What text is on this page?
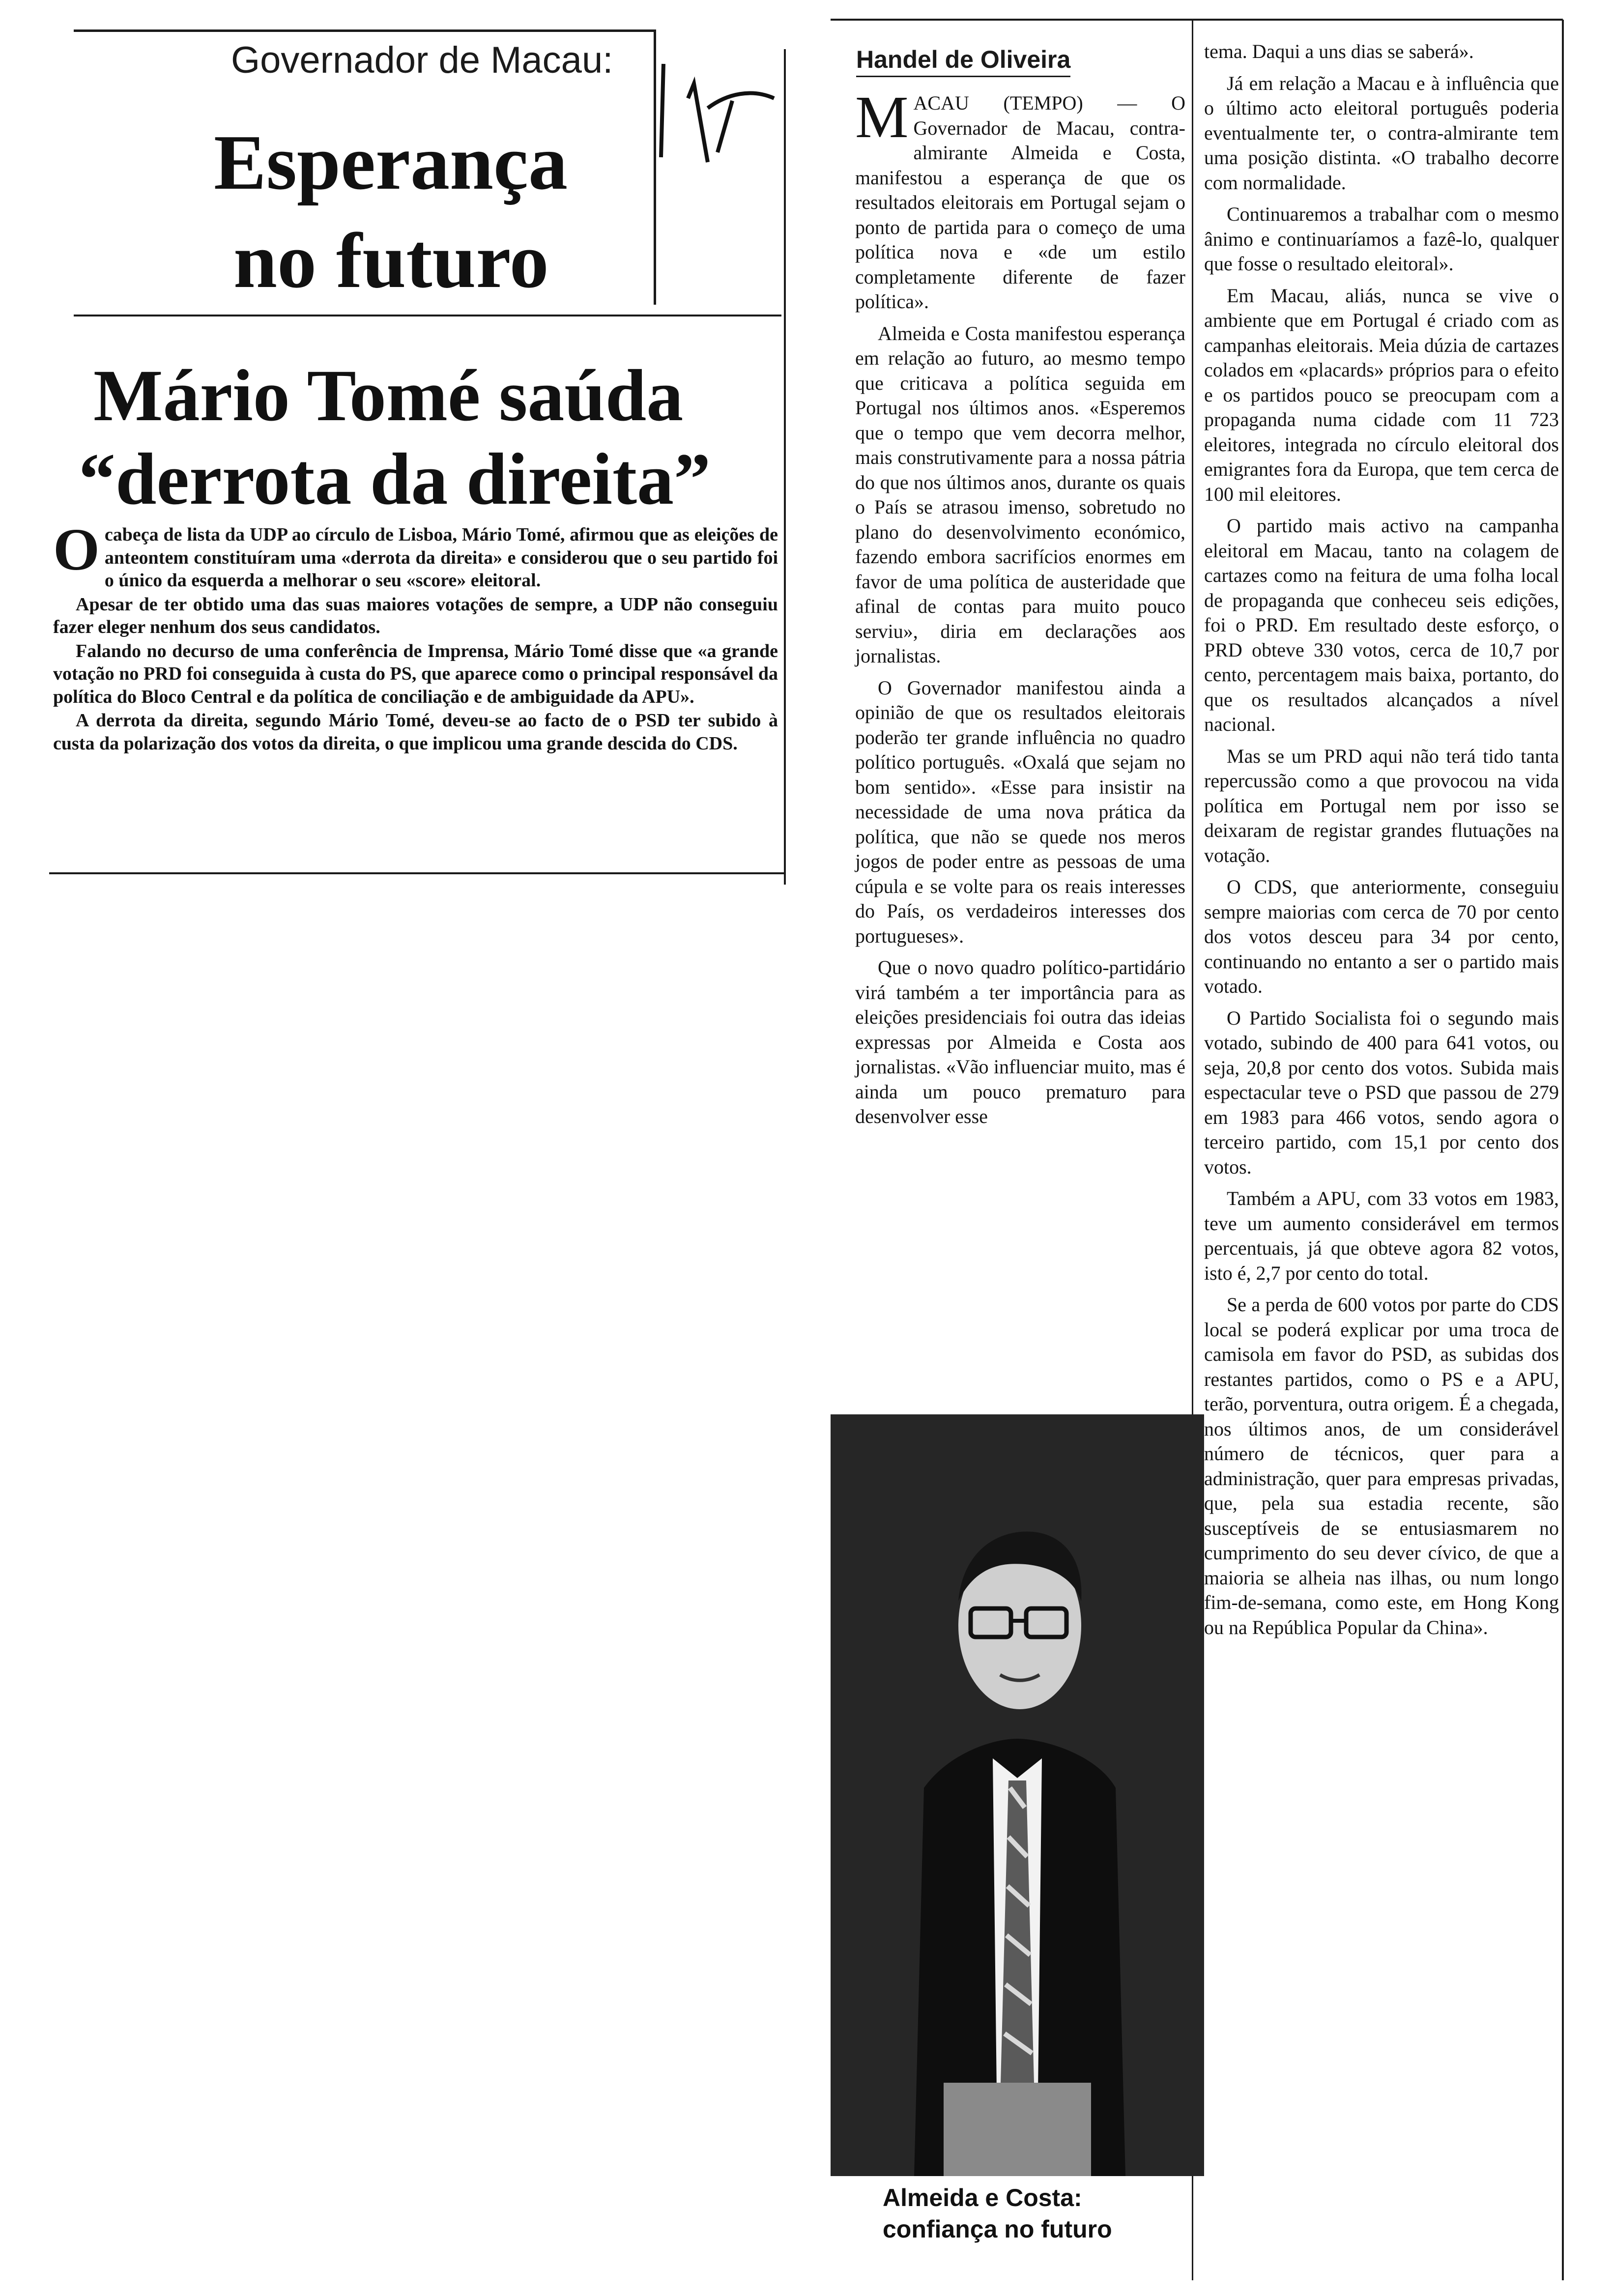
Governador de Macau:
Esperança
no futuro
Mário Tomé saúda
“derrota da direita”

Ocabeça de lista da UDP ao círculo de Lisboa, Mário Tomé, afirmou que as eleições de anteontem constituíram uma «derrota da direita» e considerou que o seu partido foi o único da esquerda a melhorar o seu «score» eleitoral.

Apesar de ter obtido uma das suas maiores votações de sempre, a UDP não conseguiu fazer eleger nenhum dos seus candidatos.

Falando no decurso de uma conferência de Imprensa, Mário Tomé disse que «a grande votação no PRD foi conseguida à custa do PS, que aparece como o principal responsável da política do Bloco Central e da política de conciliação e de ambiguidade da APU».

A derrota da direita, segundo Mário Tomé, deveu-se ao facto de o PSD ter subido à custa da polarização dos votos da direita, o que implicou uma grande descida do CDS.

Handel de Oliveira

MACAU (TEMPO) — O Governador de Macau, contra-almirante Almeida e Costa, manifestou a esperança de que os resultados eleitorais em Portugal sejam o ponto de partida para o começo de uma política nova e «de um estilo completamente diferente de fazer política».

Almeida e Costa manifestou esperança em relação ao futuro, ao mesmo tempo que criticava a política seguida em Portugal nos últimos anos. «Esperemos que o tempo que vem decorra melhor, mais construtivamente para a nossa pátria do que nos últimos anos, durante os quais o País se atrasou imenso, sobretudo no plano do desenvolvimento económico, fazendo embora sacrifícios enormes em favor de uma política de austeridade que afinal de contas para muito pouco serviu», diria em declarações aos jornalistas.

O Governador manifestou ainda a opinião de que os resultados eleitorais poderão ter grande influência no quadro político português. «Oxalá que sejam no bom sentido». «Esse para insistir na necessidade de uma nova prática da política, que não se quede nos meros jogos de poder entre as pessoas de uma cúpula e se volte para os reais interesses do País, os verdadeiros interesses dos portugueses».

Que o novo quadro político-partidário virá também a ter importância para as eleições presidenciais foi outra das ideias expressas por Almeida e Costa aos jornalistas. «Vão influenciar muito, mas é ainda um pouco prematuro para desenvolver esse

Almeida e Costa: confiança no futuro

tema. Daqui a uns dias se saberá».

Já em relação a Macau e à influência que o último acto eleitoral português poderia eventualmente ter, o contra-almirante tem uma posição distinta. «O trabalho decorre com normalidade.

Continuaremos a trabalhar com o mesmo ânimo e continuaríamos a fazê-lo, qualquer que fosse o resultado eleitoral».

Em Macau, aliás, nunca se vive o ambiente que em Portugal é criado com as campanhas eleitorais. Meia dúzia de cartazes colados em «placards» próprios para o efeito e os partidos pouco se preocupam com a propaganda numa cidade com 11 723 eleitores, integrada no círculo eleitoral dos emigrantes fora da Europa, que tem cerca de 100 mil eleitores.

O partido mais activo na campanha eleitoral em Macau, tanto na colagem de cartazes como na feitura de uma folha local de propaganda que conheceu seis edições, foi o PRD. Em resultado deste esforço, o PRD obteve 330 votos, cerca de 10,7 por cento, percentagem mais baixa, portanto, do que os resultados alcançados a nível nacional.

Mas se um PRD aqui não terá tido tanta repercussão como a que provocou na vida política em Portugal nem por isso se deixaram de registar grandes flutuações na votação.

O CDS, que anteriormente, conseguiu sempre maiorias com cerca de 70 por cento dos votos desceu para 34 por cento, continuando no entanto a ser o partido mais votado.

O Partido Socialista foi o segundo mais votado, subindo de 400 para 641 votos, ou seja, 20,8 por cento dos votos. Subida mais espectacular teve o PSD que passou de 279 em 1983 para 466 votos, sendo agora o terceiro partido, com 15,1 por cento dos votos.

Também a APU, com 33 votos em 1983, teve um aumento considerável em termos percentuais, já que obteve agora 82 votos, isto é, 2,7 por cento do total.

Se a perda de 600 votos por parte do CDS local se poderá explicar por uma troca de camisola em favor do PSD, as subidas dos restantes partidos, como o PS e a APU, terão, porventura, outra origem. É a chegada, nos últimos anos, de um considerável número de técnicos, quer para a administração, quer para empresas privadas, que, pela sua estadia recente, são susceptíveis de se entusiasmarem no cumprimento do seu dever cívico, de que a maioria se alheia nas ilhas, ou num longo fim-de-semana, como este, em Hong Kong ou na República Popular da China».
